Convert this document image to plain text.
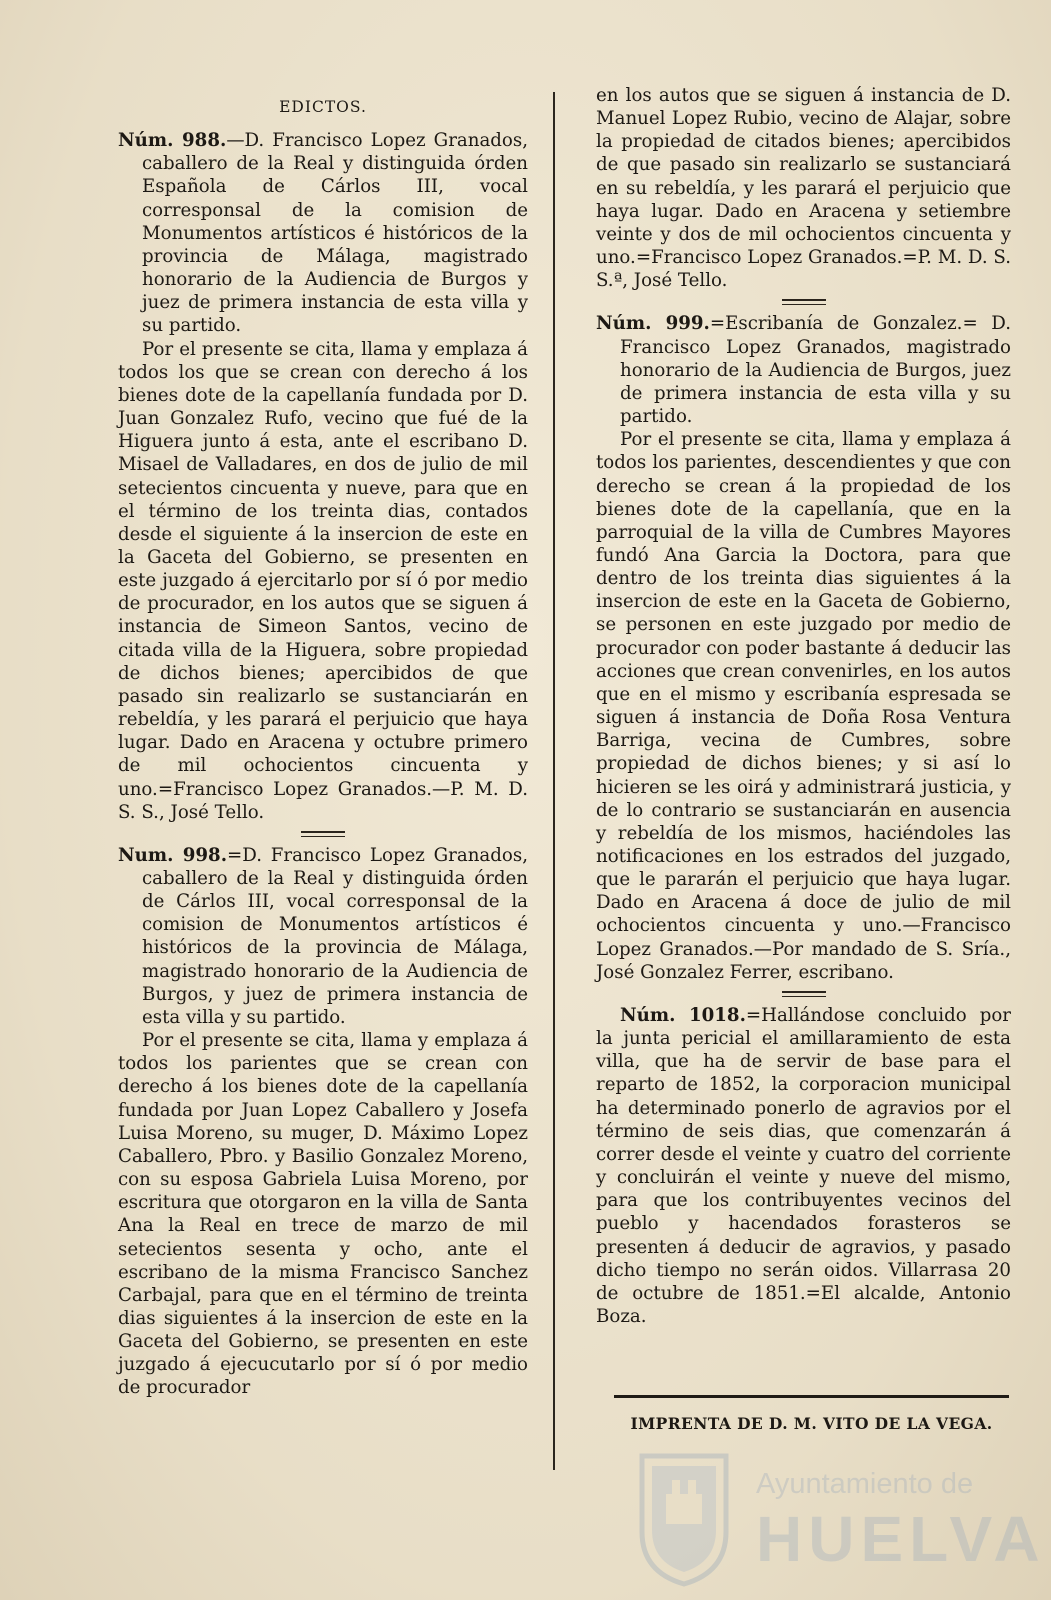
EDICTOS.

Núm. 988.—D. Francisco Lopez Granados, caballero de la Real y distinguida órden Española de Cárlos III, vocal corresponsal de la comision de Monumentos artísticos é históricos de la provincia de Málaga, magistrado honorario de la Audiencia de Burgos y juez de primera instancia de esta villa y su partido.

Por el presente se cita, llama y emplaza á todos los que se crean con derecho á los bienes dote de la capellanía fundada por D. Juan Gonzalez Rufo, vecino que fué de la Higuera junto á esta, ante el escribano D. Misael de Valladares, en dos de julio de mil setecientos cincuenta y nueve, para que en el término de los treinta dias, contados desde el siguiente á la insercion de este en la Gaceta del Gobierno, se presenten en este juzgado á ejercitarlo por sí ó por medio de procurador, en los autos que se siguen á instancia de Simeon Santos, vecino de citada villa de la Higuera, sobre propiedad de dichos bienes; apercibidos de que pasado sin realizarlo se sustanciarán en rebeldía, y les parará el perjuicio que haya lugar. Dado en Aracena y octubre primero de mil ochocientos cincuenta y uno.=Francisco Lopez Granados.—P. M. D. S. S., José Tello.

Num. 998.=D. Francisco Lopez Granados, caballero de la Real y distinguida órden de Cárlos III, vocal corresponsal de la comision de Monumentos artísticos é históricos de la provincia de Málaga, magistrado honorario de la Audiencia de Burgos, y juez de primera instancia de esta villa y su partido.

Por el presente se cita, llama y emplaza á todos los parientes que se crean con derecho á los bienes dote de la capellanía fundada por Juan Lopez Caballero y Josefa Luisa Moreno, su muger, D. Máximo Lopez Caballero, Pbro. y Basilio Gonzalez Moreno, con su esposa Gabriela Luisa Moreno, por escritura que otorgaron en la villa de Santa Ana la Real en trece de marzo de mil setecientos sesenta y ocho, ante el escribano de la misma Francisco Sanchez Carbajal, para que en el término de treinta dias siguientes á la insercion de este en la Gaceta del Gobierno, se presenten en este juzgado á ejecucutarlo por sí ó por medio de procurador

en los autos que se siguen á instancia de D. Manuel Lopez Rubio, vecino de Alajar, sobre la propiedad de citados bienes; apercibidos de que pasado sin realizarlo se sustanciará en su rebeldía, y les parará el perjuicio que haya lugar. Dado en Aracena y setiembre veinte y dos de mil ochocientos cincuenta y uno.=Francisco Lopez Granados.=P. M. D. S. S.ª, José Tello.

Núm. 999.=Escribanía de Gonzalez.= D. Francisco Lopez Granados, magistrado honorario de la Audiencia de Burgos, juez de primera instancia de esta villa y su partido.

Por el presente se cita, llama y emplaza á todos los parientes, descendientes y que con derecho se crean á la propiedad de los bienes dote de la capellanía, que en la parroquial de la villa de Cumbres Mayores fundó Ana Garcia la Doctora, para que dentro de los treinta dias siguientes á la insercion de este en la Gaceta de Gobierno, se personen en este juzgado por medio de procurador con poder bastante á deducir las acciones que crean convenirles, en los autos que en el mismo y escribanía espresada se siguen á instancia de Doña Rosa Ventura Barriga, vecina de Cumbres, sobre propiedad de dichos bienes; y si así lo hicieren se les oirá y administrará justicia, y de lo contrario se sustanciarán en ausencia y rebeldía de los mismos, haciéndoles las notificaciones en los estrados del juzgado, que le pararán el perjuicio que haya lugar. Dado en Aracena á doce de julio de mil ochocientos cincuenta y uno.—Francisco Lopez Granados.—Por mandado de S. Sría., José Gonzalez Ferrer, escribano.

Núm. 1018.=Hallándose concluido por la junta pericial el amillaramiento de esta villa, que ha de servir de base para el reparto de 1852, la corporacion municipal ha determinado ponerlo de agravios por el término de seis dias, que comenzarán á correr desde el veinte y cuatro del corriente y concluirán el veinte y nueve del mismo, para que los contribuyentes vecinos del pueblo y hacendados forasteros se presenten á deducir de agravios, y pasado dicho tiempo no serán oidos. Villarrasa 20 de octubre de 1851.=El alcalde, Antonio Boza.

IMPRENTA DE D. M. VITO DE LA VEGA.
Ayuntamiento de
HUELVA
